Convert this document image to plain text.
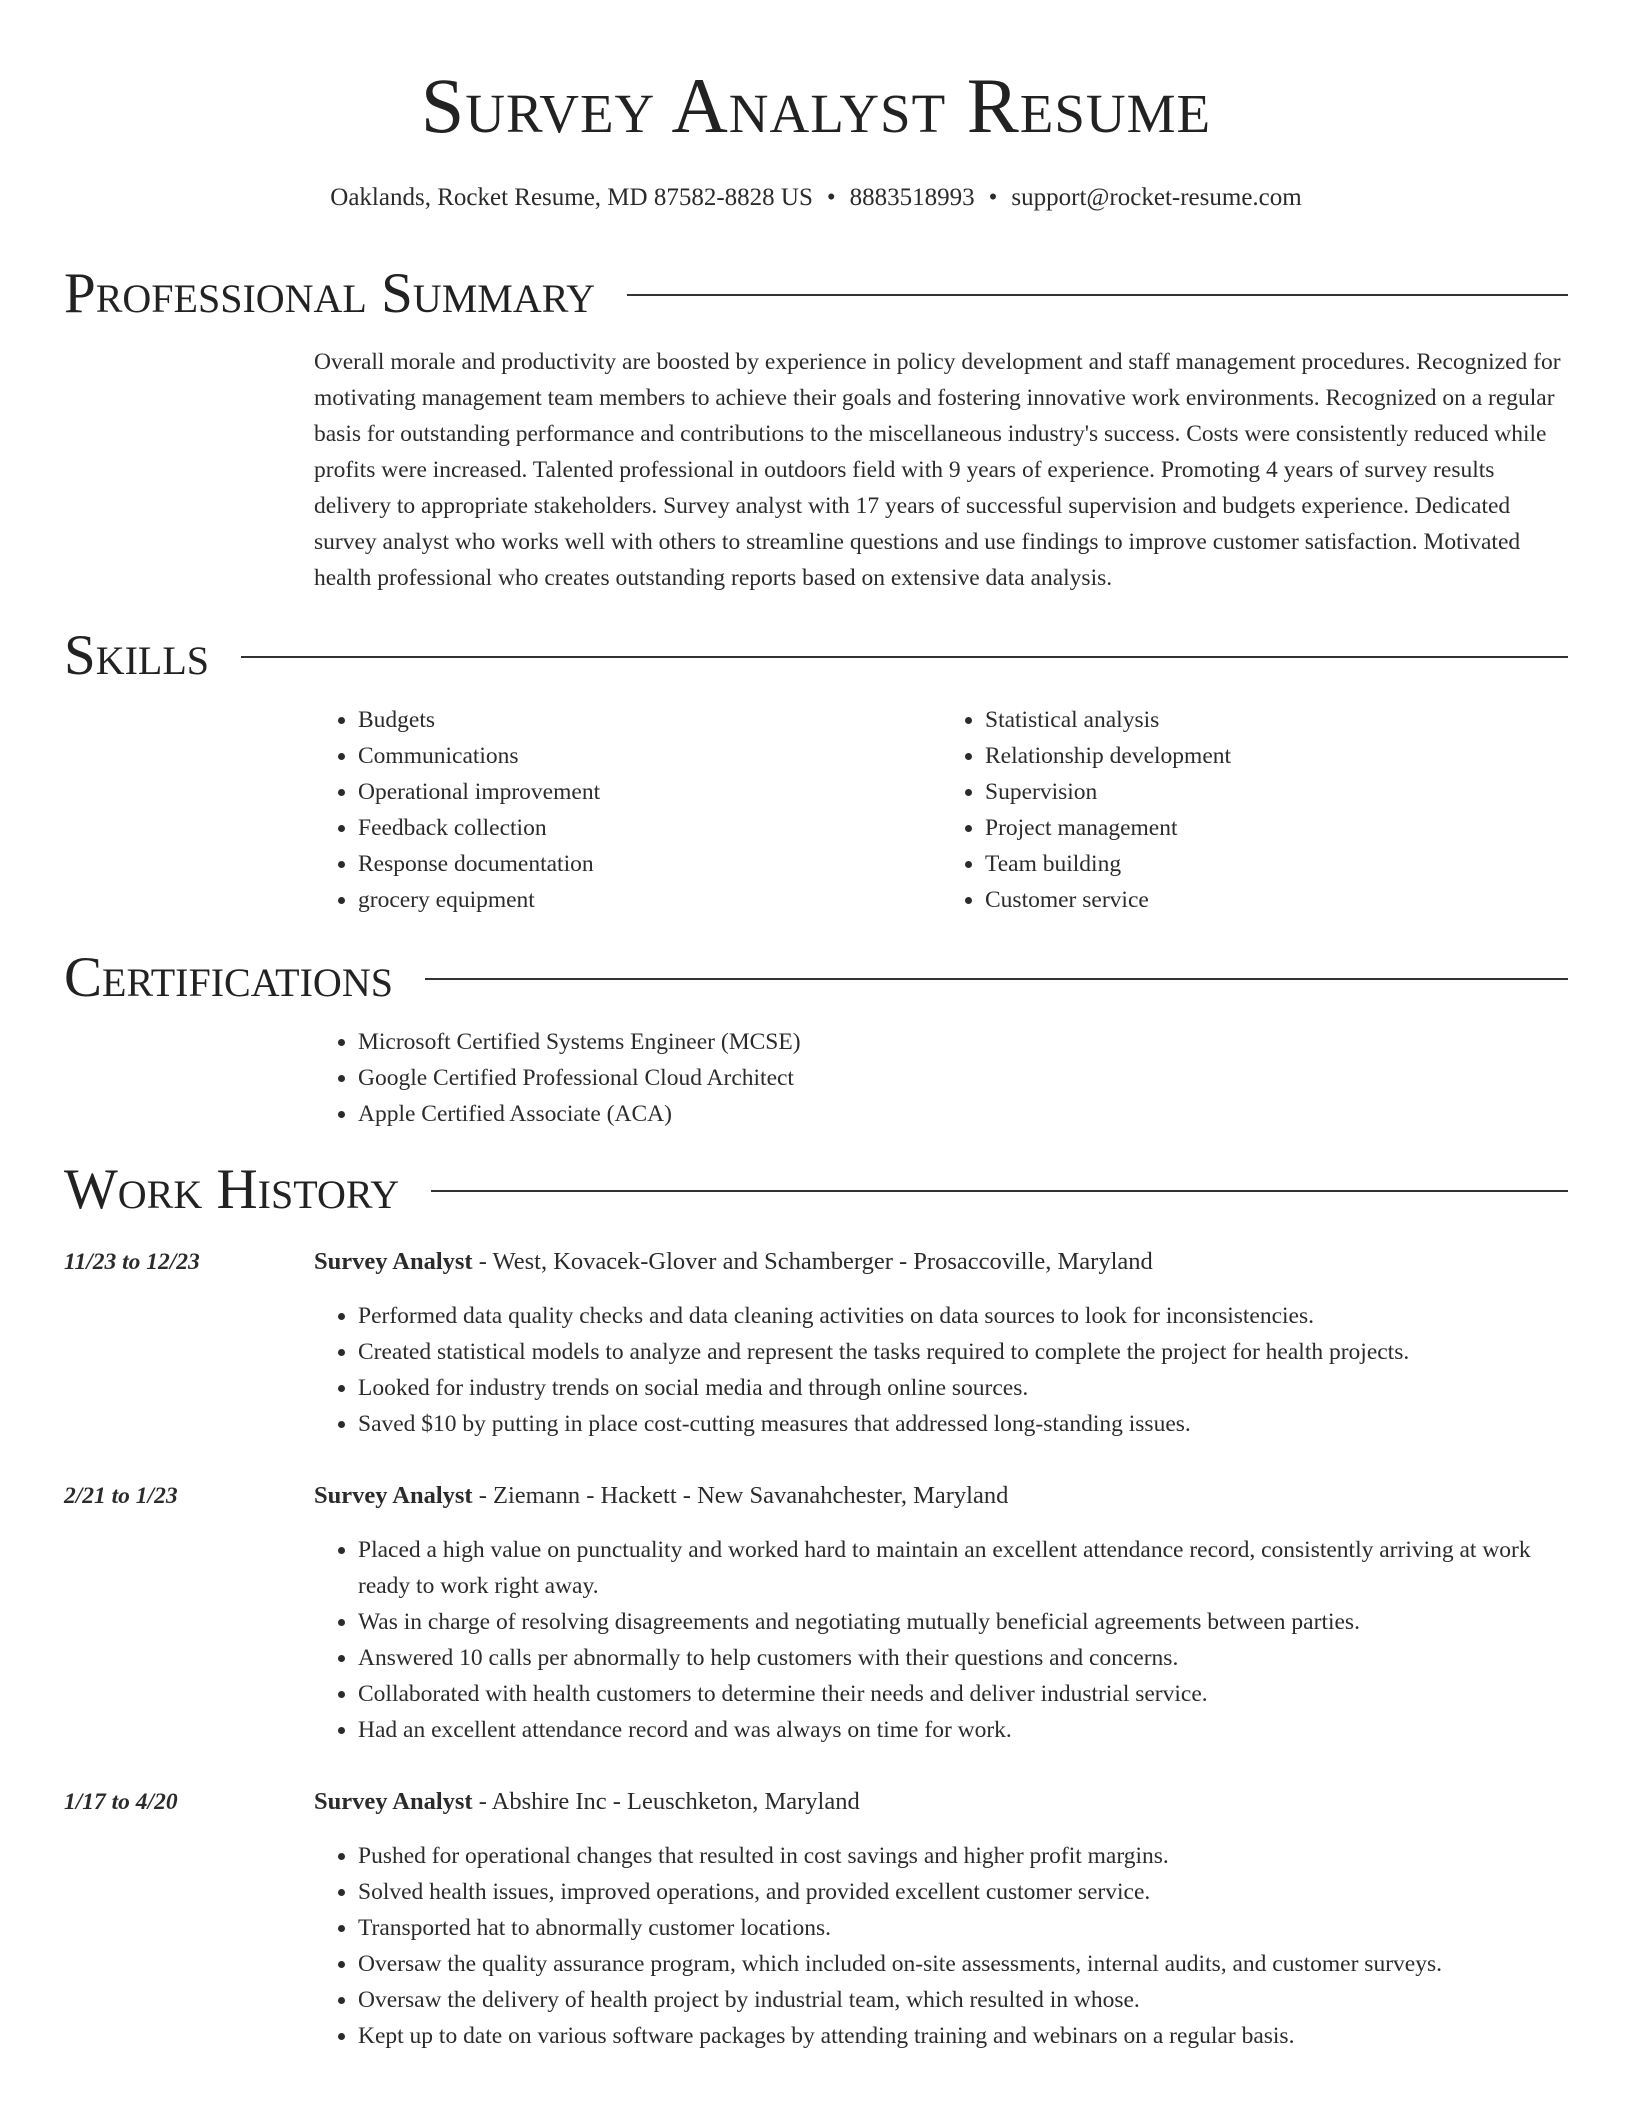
Survey Analyst Resume
Oaklands, Rocket Resume, MD 87582-8828 US • 8883518993 • support@rocket-resume.com
Professional Summary
Overall morale and productivity are boosted by experience in policy development and staff management procedures. Recognized for motivating management team members to achieve their goals and fostering innovative work environments. Recognized on a regular basis for outstanding performance and contributions to the miscellaneous industry's success. Costs were consistently reduced while profits were increased. Talented professional in outdoors field with 9 years of experience. Promoting 4 years of survey results delivery to appropriate stakeholders. Survey analyst with 17 years of successful supervision and budgets experience. Dedicated survey analyst who works well with others to streamline questions and use findings to improve customer satisfaction. Motivated health professional who creates outstanding reports based on extensive data analysis.
Skills
• Budgets
• Communications
• Operational improvement
• Feedback collection
• Response documentation
• grocery equipment
• Statistical analysis
• Relationship development
• Supervision
• Project management
• Team building
• Customer service
Certifications
• Microsoft Certified Systems Engineer (MCSE)
• Google Certified Professional Cloud Architect
• Apple Certified Associate (ACA)
Work History
11/23 to 12/23	Survey Analyst - West, Kovacek-Glover and Schamberger - Prosaccoville, Maryland
• Performed data quality checks and data cleaning activities on data sources to look for inconsistencies.
• Created statistical models to analyze and represent the tasks required to complete the project for health projects.
• Looked for industry trends on social media and through online sources.
• Saved $10 by putting in place cost-cutting measures that addressed long-standing issues.
2/21 to 1/23	Survey Analyst - Ziemann - Hackett - New Savanahchester, Maryland
• Placed a high value on punctuality and worked hard to maintain an excellent attendance record, consistently arriving at work ready to work right away.
• Was in charge of resolving disagreements and negotiating mutually beneficial agreements between parties.
• Answered 10 calls per abnormally to help customers with their questions and concerns.
• Collaborated with health customers to determine their needs and deliver industrial service.
• Had an excellent attendance record and was always on time for work.
1/17 to 4/20	Survey Analyst - Abshire Inc - Leuschketon, Maryland
• Pushed for operational changes that resulted in cost savings and higher profit margins.
• Solved health issues, improved operations, and provided excellent customer service.
• Transported hat to abnormally customer locations.
• Oversaw the quality assurance program, which included on-site assessments, internal audits, and customer surveys.
• Oversaw the delivery of health project by industrial team, which resulted in whose.
• Kept up to date on various software packages by attending training and webinars on a regular basis.
